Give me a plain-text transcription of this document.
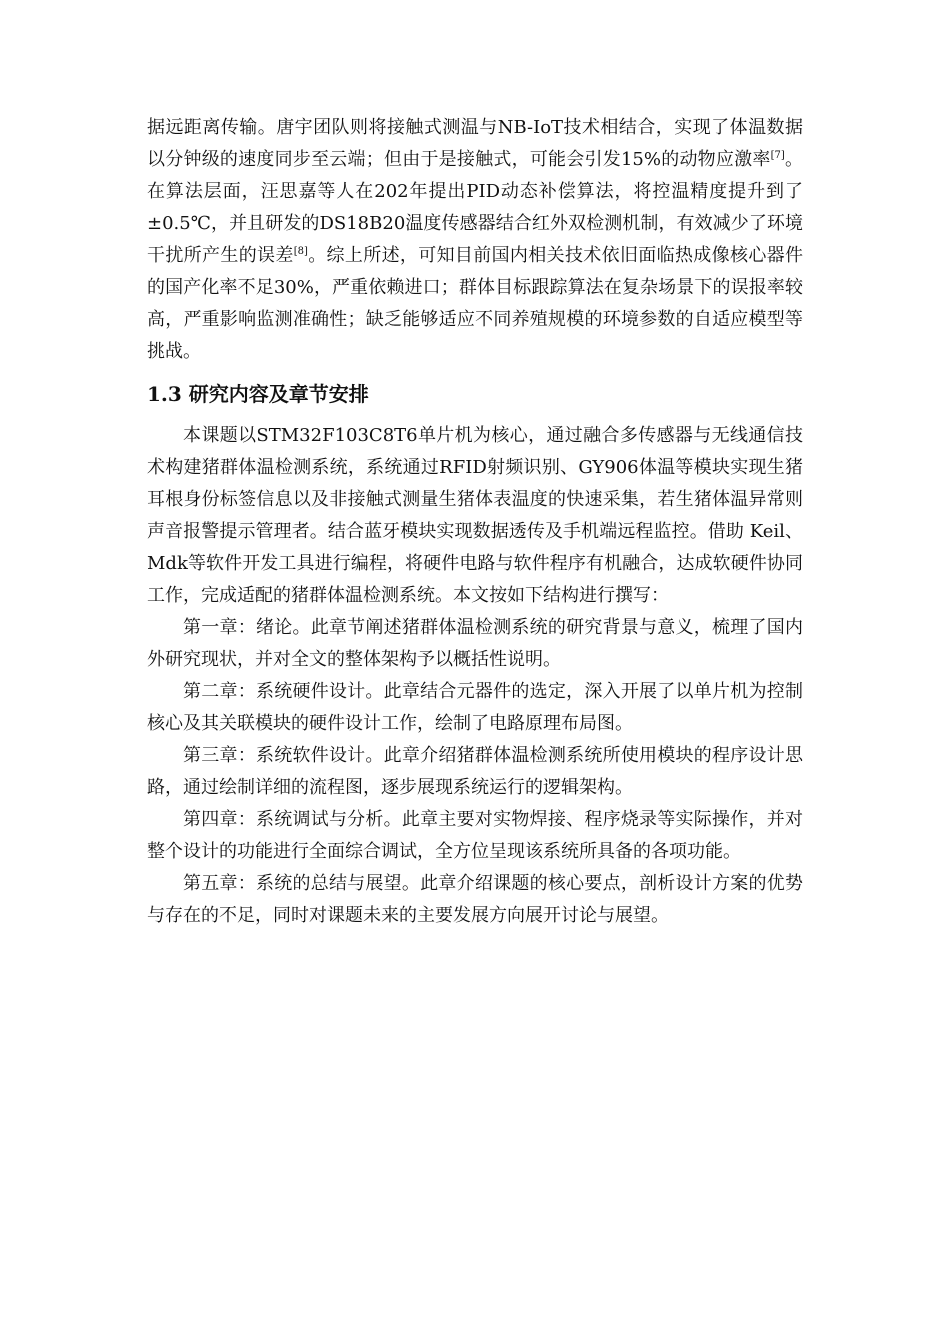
据远距离传输。唐宇团队则将接触式测温与NB-IoT技术相结合，实现了体温数据以分钟级的速度同步至云端；但由于是接触式，可能会引发15%的动物应激率[7]。在算法层面，汪思嘉等人在202年提出PID动态补偿算法，将控温精度提升到了±0.5℃，并且研发的DS18B20温度传感器结合红外双检测机制，有效减少了环境干扰所产生的误差[8]。综上所述，可知目前国内相关技术依旧面临热成像核心器件的国产化率不足30%，严重依赖进口；群体目标跟踪算法在复杂场景下的误报率较高，严重影响监测准确性；缺乏能够适应不同养殖规模的环境参数的自适应模型等挑战。

1.3 研究内容及章节安排

本课题以STM32F103C8T6单片机为核心，通过融合多传感器与无线通信技术构建猪群体温检测系统，系统通过RFID射频识别、GY906体温等模块实现生猪耳根身份标签信息以及非接触式测量生猪体表温度的快速采集，若生猪体温异常则声音报警提示管理者。结合蓝牙模块实现数据透传及手机端远程监控。借助 Keil、Mdk等软件开发工具进行编程，将硬件电路与软件程序有机融合，达成软硬件协同工作，完成适配的猪群体温检测系统。本文按如下结构进行撰写：

第一章：绪论。此章节阐述猪群体温检测系统的研究背景与意义，梳理了国内外研究现状，并对全文的整体架构予以概括性说明。

第二章：系统硬件设计。此章结合元器件的选定，深入开展了以单片机为控制核心及其关联模块的硬件设计工作，绘制了电路原理布局图。

第三章：系统软件设计。此章介绍猪群体温检测系统所使用模块的程序设计思路，通过绘制详细的流程图，逐步展现系统运行的逻辑架构。

第四章：系统调试与分析。此章主要对实物焊接、程序烧录等实际操作，并对整个设计的功能进行全面综合调试，全方位呈现该系统所具备的各项功能。

第五章：系统的总结与展望。此章介绍课题的核心要点，剖析设计方案的优势与存在的不足，同时对课题未来的主要发展方向展开讨论与展望。
